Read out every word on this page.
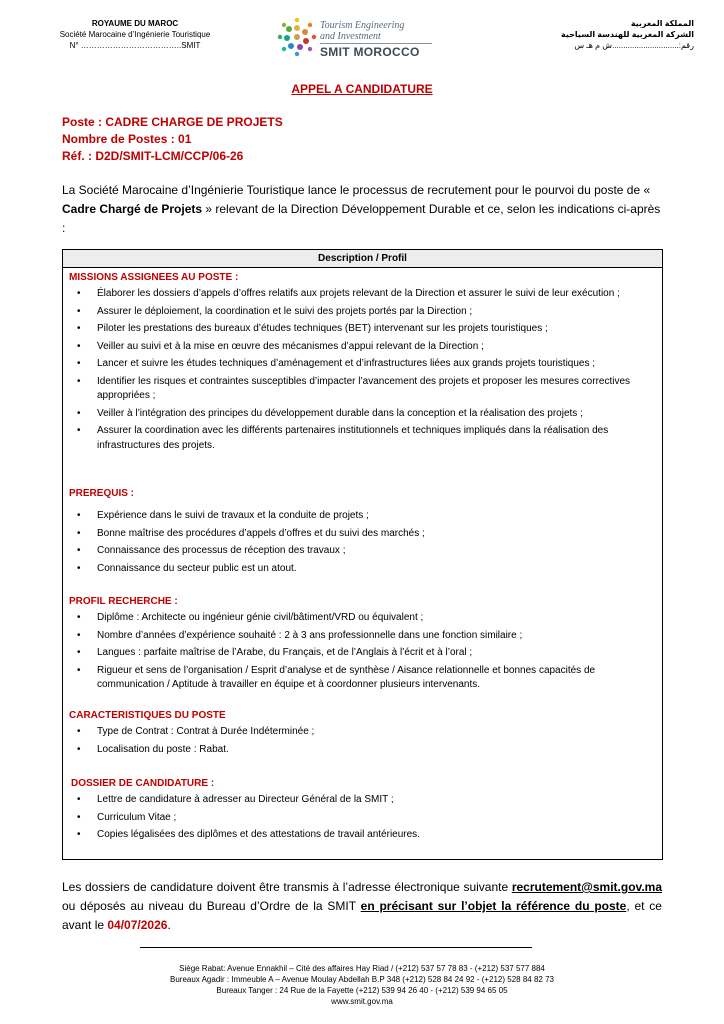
ROYAUME DU MAROC
Société Marocaine d’Ingénierie Touristique
N° ………………………………..SMIT
Tourism Engineering
and Investment
SMIT MOROCCO
المملكة المغربية
الشركة المغربية للهندسة السياحية
رقم:..............................ش م هـ س
APPEL A CANDIDATURE
Poste : CADRE CHARGE DE PROJETS
Nombre de Postes : 01
Réf. : D2D/SMIT-LCM/CCP/06-26
La Société Marocaine d’Ingénierie Touristique lance le processus de recrutement pour le pourvoi du poste de « Cadre Chargé de Projets » relevant de la Direction Développement Durable et ce, selon les indications ci-après :
Description / Profil
MISSIONS ASSIGNEES AU POSTE :
• Élaborer les dossiers d’appels d’offres relatifs aux projets relevant de la Direction et assurer le suivi de leur exécution ;
• Assurer le déploiement, la coordination et le suivi des projets portés par la Direction ;
• Piloter les prestations des bureaux d’études techniques (BET) intervenant sur les projets touristiques ;
• Veiller au suivi et à la mise en œuvre des mécanismes d’appui relevant de la Direction ;
• Lancer et suivre les études techniques d’aménagement et d’infrastructures liées aux grands projets touristiques ;
• Identifier les risques et contraintes susceptibles d’impacter l’avancement des projets et proposer les mesures correctives appropriées ;
• Veiller à l’intégration des principes du développement durable dans la conception et la réalisation des projets ;
• Assurer la coordination avec les différents partenaires institutionnels et techniques impliqués dans la réalisation des infrastructures des projets.
PREREQUIS :
• Expérience dans le suivi de travaux et la conduite de projets ;
• Bonne maîtrise des procédures d’appels d’offres et du suivi des marchés ;
• Connaissance des processus de réception des travaux ;
• Connaissance du secteur public est un atout.
PROFIL RECHERCHE :
• Diplôme : Architecte ou ingénieur génie civil/bâtiment/VRD ou équivalent ;
• Nombre d’années d’expérience souhaité : 2 à 3 ans professionnelle dans une fonction similaire ;
• Langues : parfaite maîtrise de l’Arabe, du Français, et de l’Anglais à l’écrit et à l’oral ;
• Rigueur et sens de l’organisation / Esprit d’analyse et de synthèse / Aisance relationnelle et bonnes capacités de communication / Aptitude à travailler en équipe et à coordonner plusieurs intervenants.
CARACTERISTIQUES DU POSTE
• Type de Contrat : Contrat à Durée Indéterminée ;
• Localisation du poste : Rabat.
DOSSIER DE CANDIDATURE :
• Lettre de candidature à adresser au Directeur Général de la SMIT ;
• Curriculum Vitae ;
• Copies légalisées des diplômes et des attestations de travail antérieures.
Les dossiers de candidature doivent être transmis à l’adresse électronique suivante recrutement@smit.gov.ma ou déposés au niveau du Bureau d’Ordre de la SMIT en précisant sur l’objet la référence du poste, et ce avant le 04/07/2026.
Siège Rabat: Avenue Ennakhil – Cité des affaires Hay Riad / (+212) 537 57 78 83 - (+212) 537 577 884
Bureaux Agadir : Immeuble A – Avenue Moulay Abdellah B.P 348 (+212) 528 84 24 92 - (+212) 528 84 82 73
Bureaux Tanger : 24 Rue de la Fayette (+212) 539 94 26 40 - (+212) 539 94 65 05
www.smit.gov.ma
